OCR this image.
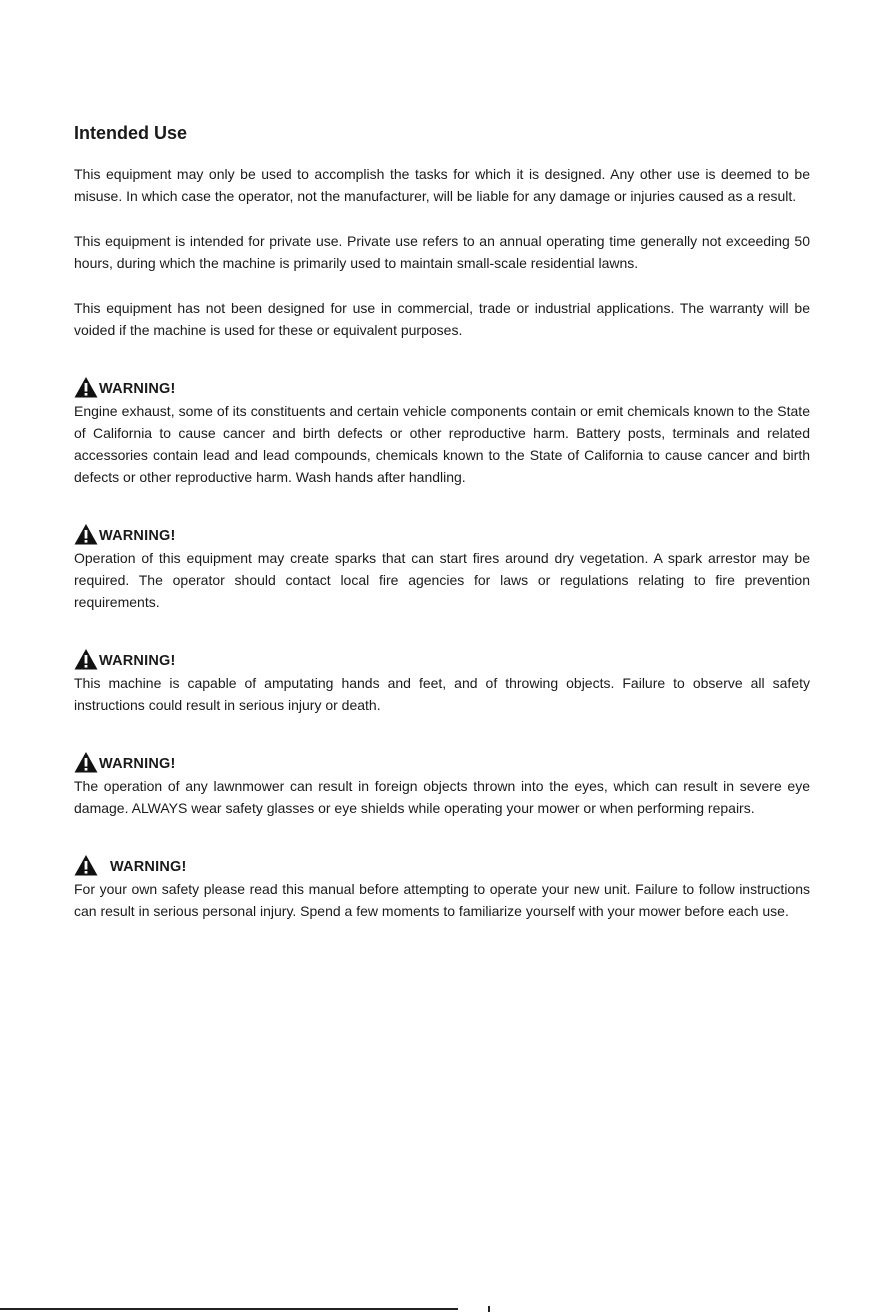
Intended Use

This equipment may only be used to accomplish the tasks for which it is designed. Any other use is deemed to be misuse. In which case the operator, not the manufacturer, will be liable for any damage or injuries caused as a result.

This equipment is intended for private use. Private use refers to an annual operating time generally not exceeding 50 hours, during which the machine is primarily used to maintain small-scale residential lawns.

This equipment has not been designed for use in commercial, trade or industrial applications. The warranty will be voided if the machine is used for these or equivalent purposes.

WARNING!

Engine exhaust, some of its constituents and certain vehicle components contain or emit chemicals known to the State of California to cause cancer and birth defects or other reproductive harm. Battery posts, terminals and related accessories contain lead and lead compounds, chemicals known to the State of California to cause cancer and birth defects or other reproductive harm. Wash hands after handling.

WARNING!

Operation of this equipment may create sparks that can start fires around dry vegetation. A spark arrestor may be required. The operator should contact local fire agencies for laws or regulations relating to fire prevention requirements.

WARNING!

This machine is capable of amputating hands and feet, and of throwing objects. Failure to observe all safety instructions could result in serious injury or death.

WARNING!

The operation of any lawnmower can result in foreign objects thrown into the eyes, which can result in severe eye damage. ALWAYS wear safety glasses or eye shields while operating your mower or when performing repairs.

WARNING!

For your own safety please read this manual before attempting to operate your new unit. Failure to follow instructions can result in serious personal injury. Spend a few moments to familiarize yourself with your mower before each use.
